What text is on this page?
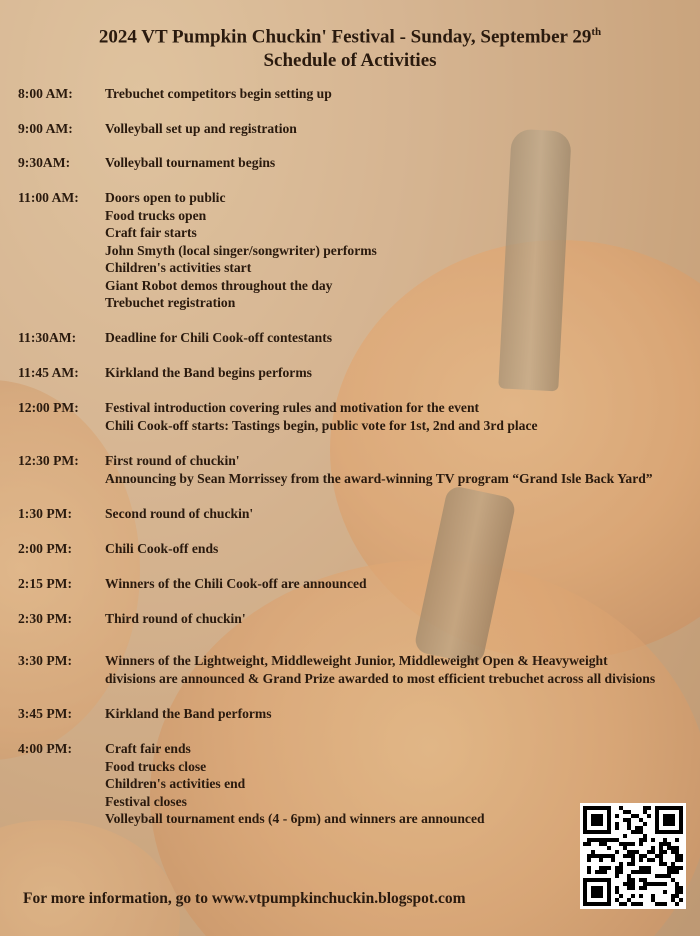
2024 VT Pumpkin Chuckin' Festival - Sunday, September 29th
Schedule of Activities
8:00 AM:	Trebuchet competitors begin setting up
9:00 AM:	Volleyball set up and registration
9:30AM:	Volleyball tournament begins
11:00 AM:	Doors open to public
Food trucks open
Craft fair starts
John Smyth (local singer/songwriter) performs
Children's activities start
Giant Robot demos throughout the day
Trebuchet registration
11:30AM:	Deadline for Chili Cook-off contestants
11:45 AM:	Kirkland the Band begins performs
12:00 PM:	Festival introduction covering rules and motivation for the event
Chili Cook-off starts: Tastings begin, public vote for 1st, 2nd and 3rd place
12:30 PM:	First round of chuckin'
Announcing by Sean Morrissey from the award-winning TV program “Grand Isle Back Yard”
1:30 PM:	Second round of chuckin'
2:00 PM:	Chili Cook-off ends
2:15 PM:	Winners of the Chili Cook-off are announced
2:30 PM:	Third round of chuckin'
3:30 PM:	Winners of the Lightweight, Middleweight Junior, Middleweight Open & Heavyweight
divisions are announced & Grand Prize awarded to most efficient trebuchet across all divisions
3:45 PM:	Kirkland the Band performs
4:00 PM:	Craft fair ends
Food trucks close
Children's activities end
Festival closes
Volleyball tournament ends (4 - 6pm) and winners are announced
For more information, go to www.vtpumpkinchuckin.blogspot.com
